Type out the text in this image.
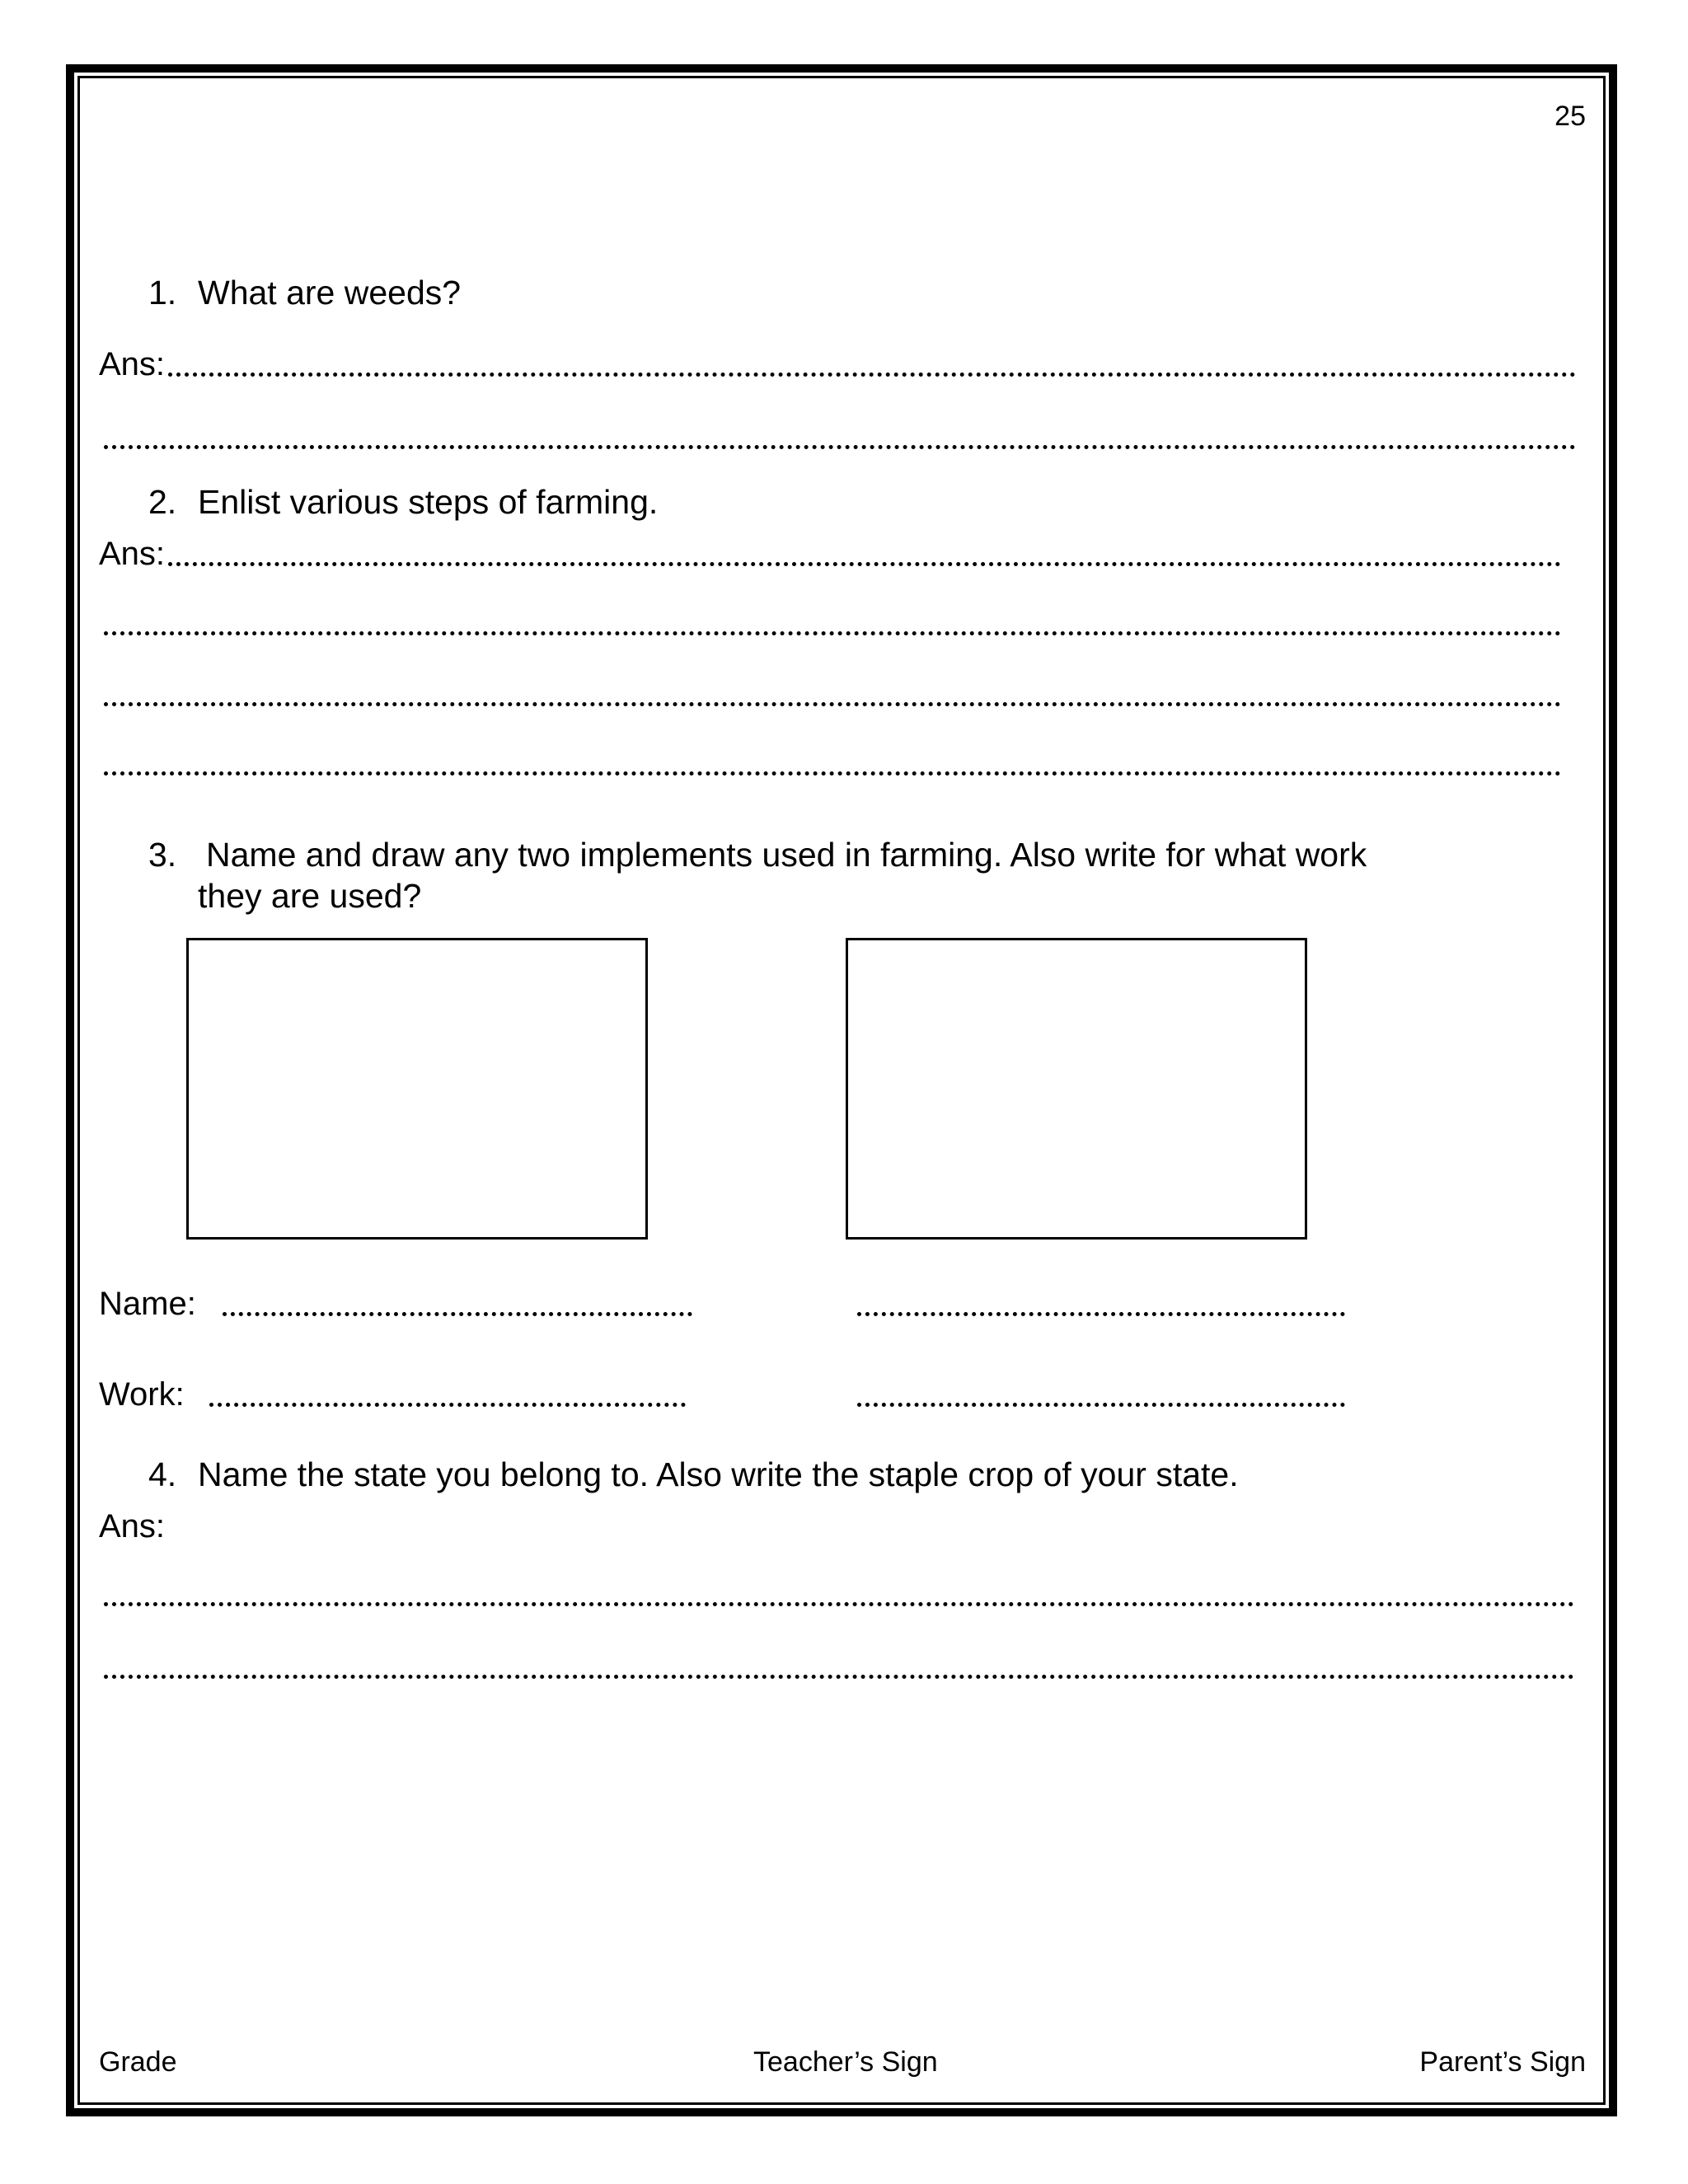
25
1. What are weeds?
Ans:
2. Enlist various steps of farming.
Ans:
3. Name and draw any two implements used in farming. Also write for what work
they are used?
Name:
Work:
4. Name the state you belong to. Also write the staple crop of your state.
Ans:
Grade	Teacher’s Sign	Parent’s Sign
